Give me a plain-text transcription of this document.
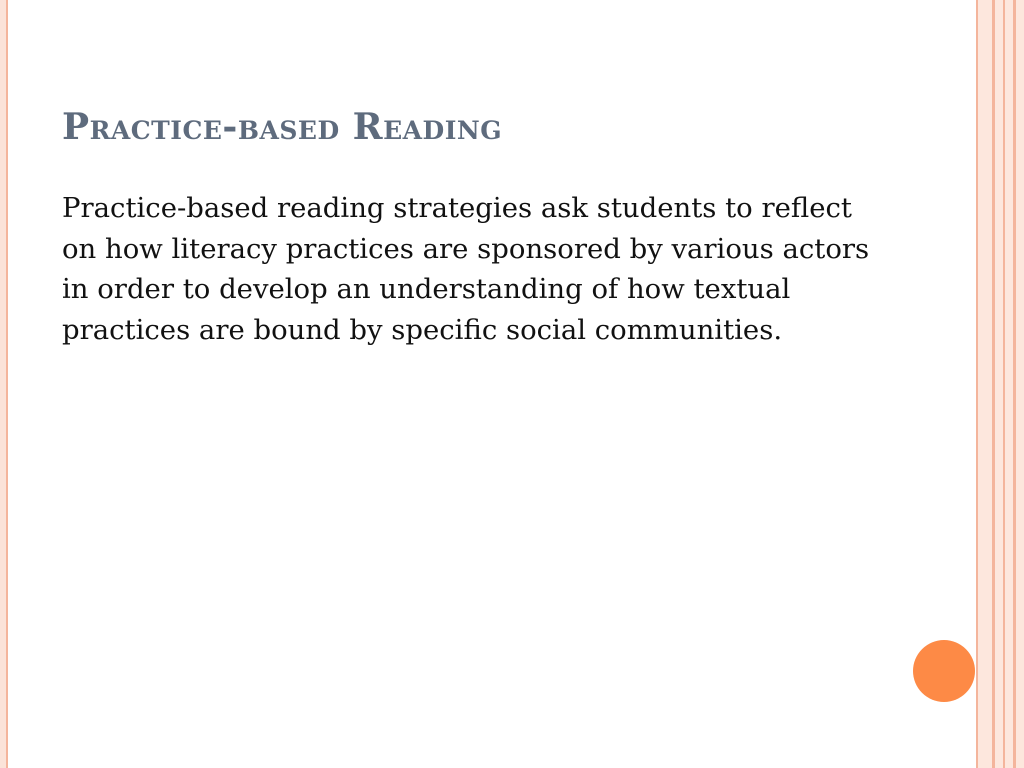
Practice-based Reading

Practice-based reading strategies ask students to reflect on how literacy practices are sponsored by various actors in order to develop an understanding of how textual practices are bound by specific social communities.
